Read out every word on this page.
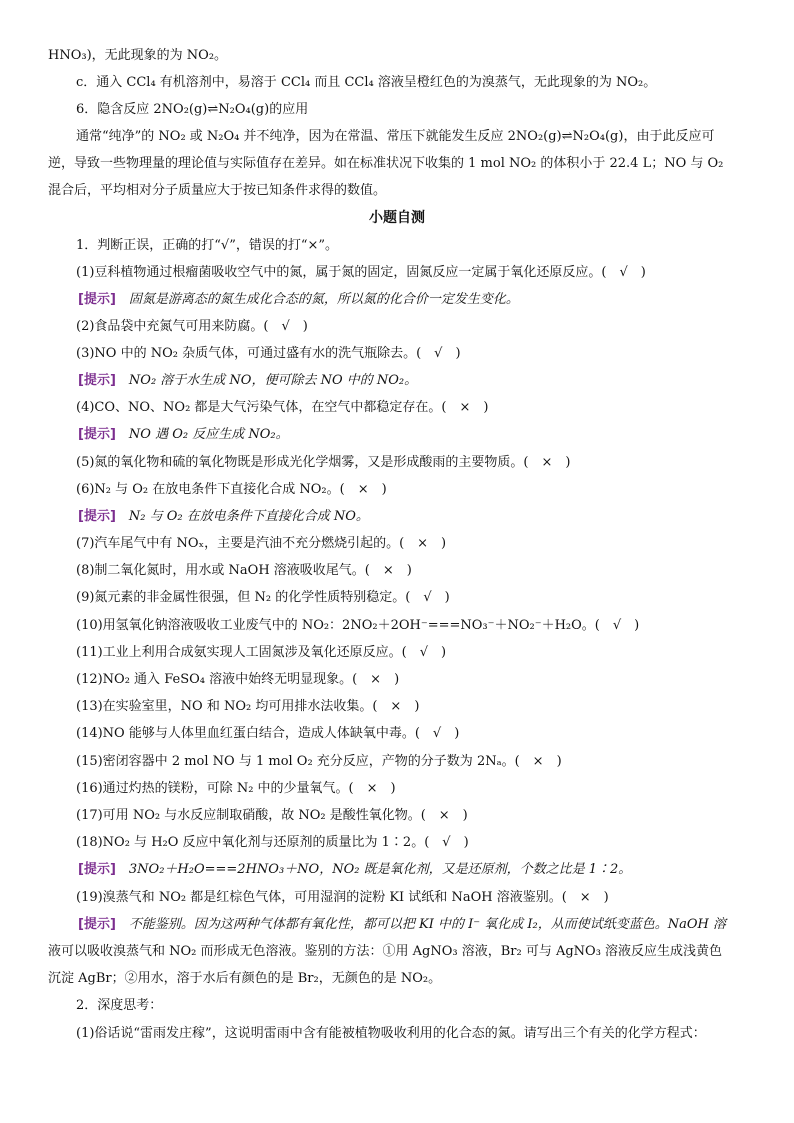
HNO₃)，无此现象的为 NO₂。
c．通入 CCl₄ 有机溶剂中，易溶于 CCl₄ 而且 CCl₄ 溶液呈橙红色的为溴蒸气，无此现象的为 NO₂。
6．隐含反应 2NO₂(g)⇌N₂O₄(g)的应用
通常“纯净”的 NO₂ 或 N₂O₄ 并不纯净，因为在常温、常压下就能发生反应 2NO₂(g)⇌N₂O₄(g)，由于此反应可
逆，导致一些物理量的理论值与实际值存在差异。如在标准状况下收集的 1 mol NO₂ 的体积小于 22.4 L；NO 与 O₂
混合后，平均相对分子质量应大于按已知条件求得的数值。
小题自测
1．判断正误，正确的打“√”，错误的打“×”。
(1)豆科植物通过根瘤菌吸收空气中的氮，属于氮的固定，固氮反应一定属于氧化还原反应。(　√　)
[提示]　 固氮是游离态的氮生成化合态的氮，所以氮的化合价一定发生变化。
(2)食品袋中充氮气可用来防腐。(　√　)
(3)NO 中的 NO₂ 杂质气体，可通过盛有水的洗气瓶除去。(　√　)
[提示]　 NO₂ 溶于水生成 NO，便可除去 NO 中的 NO₂。
(4)CO、NO、NO₂ 都是大气污染气体，在空气中都稳定存在。(　×　)
[提示]　 NO 遇 O₂ 反应生成 NO₂。
(5)氮的氧化物和硫的氧化物既是形成光化学烟雾，又是形成酸雨的主要物质。(　×　)
(6)N₂ 与 O₂ 在放电条件下直接化合成 NO₂。(　×　)
[提示]　 N₂ 与 O₂ 在放电条件下直接化合成 NO。
(7)汽车尾气中有 NOₓ，主要是汽油不充分燃烧引起的。(　×　)
(8)制二氧化氮时，用水或 NaOH 溶液吸收尾气。(　×　)
(9)氮元素的非金属性很强，但 N₂ 的化学性质特别稳定。(　√　)
(10)用氢氧化钠溶液吸收工业废气中的 NO₂：2NO₂＋2OH⁻===NO₃⁻＋NO₂⁻＋H₂O。(　√　)
(11)工业上利用合成氨实现人工固氮涉及氧化还原反应。(　√　)
(12)NO₂ 通入 FeSO₄ 溶液中始终无明显现象。(　×　)
(13)在实验室里，NO 和 NO₂ 均可用排水法收集。(　×　)
(14)NO 能够与人体里血红蛋白结合，造成人体缺氧中毒。(　√　)
(15)密闭容器中 2 mol NO 与 1 mol O₂ 充分反应，产物的分子数为 2Nₐ。(　×　)
(16)通过灼热的镁粉，可除 N₂ 中的少量氧气。(　×　)
(17)可用 NO₂ 与水反应制取硝酸，故 NO₂ 是酸性氧化物。(　×　)
(18)NO₂ 与 H₂O 反应中氧化剂与还原剂的质量比为 1∶2。(　√　)
[提示]　 3NO₂＋H₂O===2HNO₃＋NO，NO₂ 既是氧化剂，又是还原剂，个数之比是 1∶2。
(19)溴蒸气和 NO₂ 都是红棕色气体，可用湿润的淀粉 KI 试纸和 NaOH 溶液鉴别。(　×　)
[提示]　 不能鉴别。因为这两种气体都有氧化性，都可以把 KI 中的 I⁻ 氧化成 I₂，从而使试纸变蓝色。NaOH 溶
液可以吸收溴蒸气和 NO₂ 而形成无色溶液。鉴别的方法：①用 AgNO₃ 溶液，Br₂ 可与 AgNO₃ 溶液反应生成浅黄色
沉淀 AgBr；②用水，溶于水后有颜色的是 Br₂，无颜色的是 NO₂。
2．深度思考：
(1)俗话说“雷雨发庄稼”，这说明雷雨中含有能被植物吸收利用的化合态的氮。请写出三个有关的化学方程式：
